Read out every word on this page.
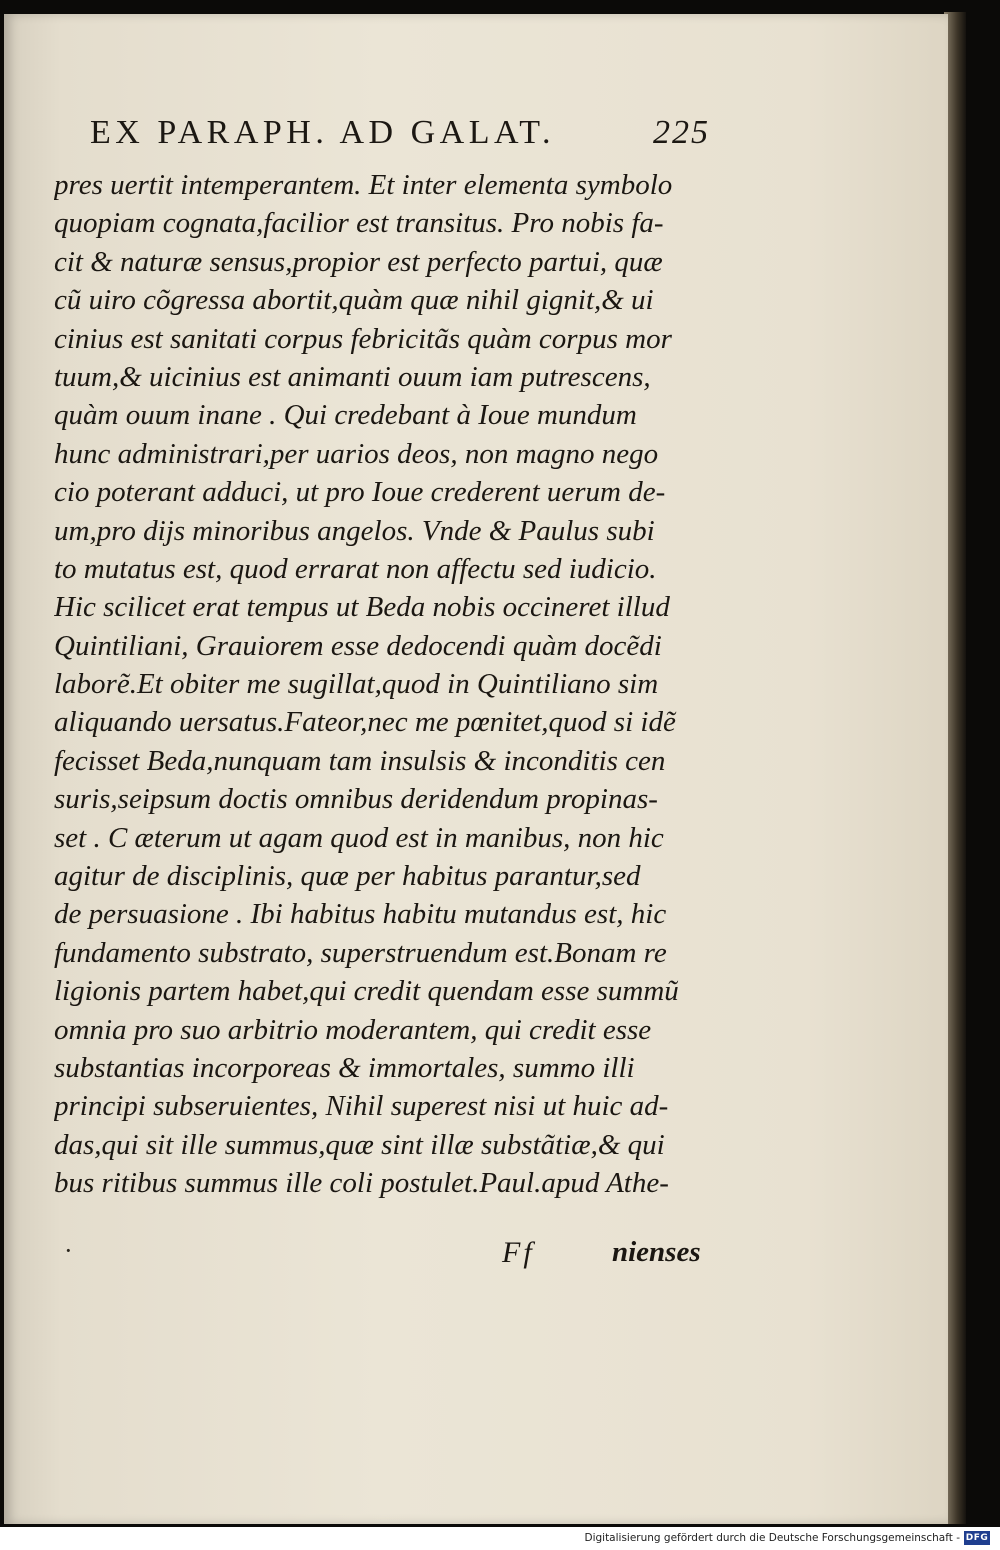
EX PARAPH. AD GALAT.	225
pres uertit intemperantem. Et inter elementa symbolo
quopiam cognata,facilior est transitus. Pro nobis fa-
cit & naturæ sensus,propior est perfecto partui, quæ
cũ uiro cõgressa abortit,quàm quæ nihil gignit,& ui
cinius est sanitati corpus febricitãs quàm corpus mor
tuum,& uicinius est animanti ouum iam putrescens,
quàm ouum inane . Qui credebant à Ioue mundum
hunc administrari,per uarios deos, non magno nego
cio poterant adduci, ut pro Ioue crederent uerum de-
um,pro dijs minoribus angelos. Vnde & Paulus subi
to mutatus est, quod errarat non affectu sed iudicio.
Hic scilicet erat tempus ut Beda nobis occineret illud
Quintiliani, Grauiorem esse dedocendi quàm docẽdi
laborẽ.Et obiter me sugillat,quod in Quintiliano sim
aliquando uersatus.Fateor,nec me pœnitet,quod si idẽ
fecisset Beda,nunquam tam insulsis & inconditis cen
suris,seipsum doctis omnibus deridendum propinas-
set . C æterum ut agam quod est in manibus, non hic
agitur de disciplinis, quæ per habitus parantur,sed
de persuasione . Ibi habitus habitu mutandus est, hic
fundamento substrato, superstruendum est.Bonam re
ligionis partem habet,qui credit quendam esse summũ
omnia pro suo arbitrio moderantem, qui credit esse
substantias incorporeas & immortales, summo illi
principi subseruientes, Nihil superest nisi ut huic ad-
das,qui sit ille summus,quæ sint illæ substãtiæ,& qui
bus ritibus summus ille coli postulet.Paul.apud Athe-
·	Ff	nienses
Digitalisierung gefördert durch die Deutsche Forschungsgemeinschaft - DFG
